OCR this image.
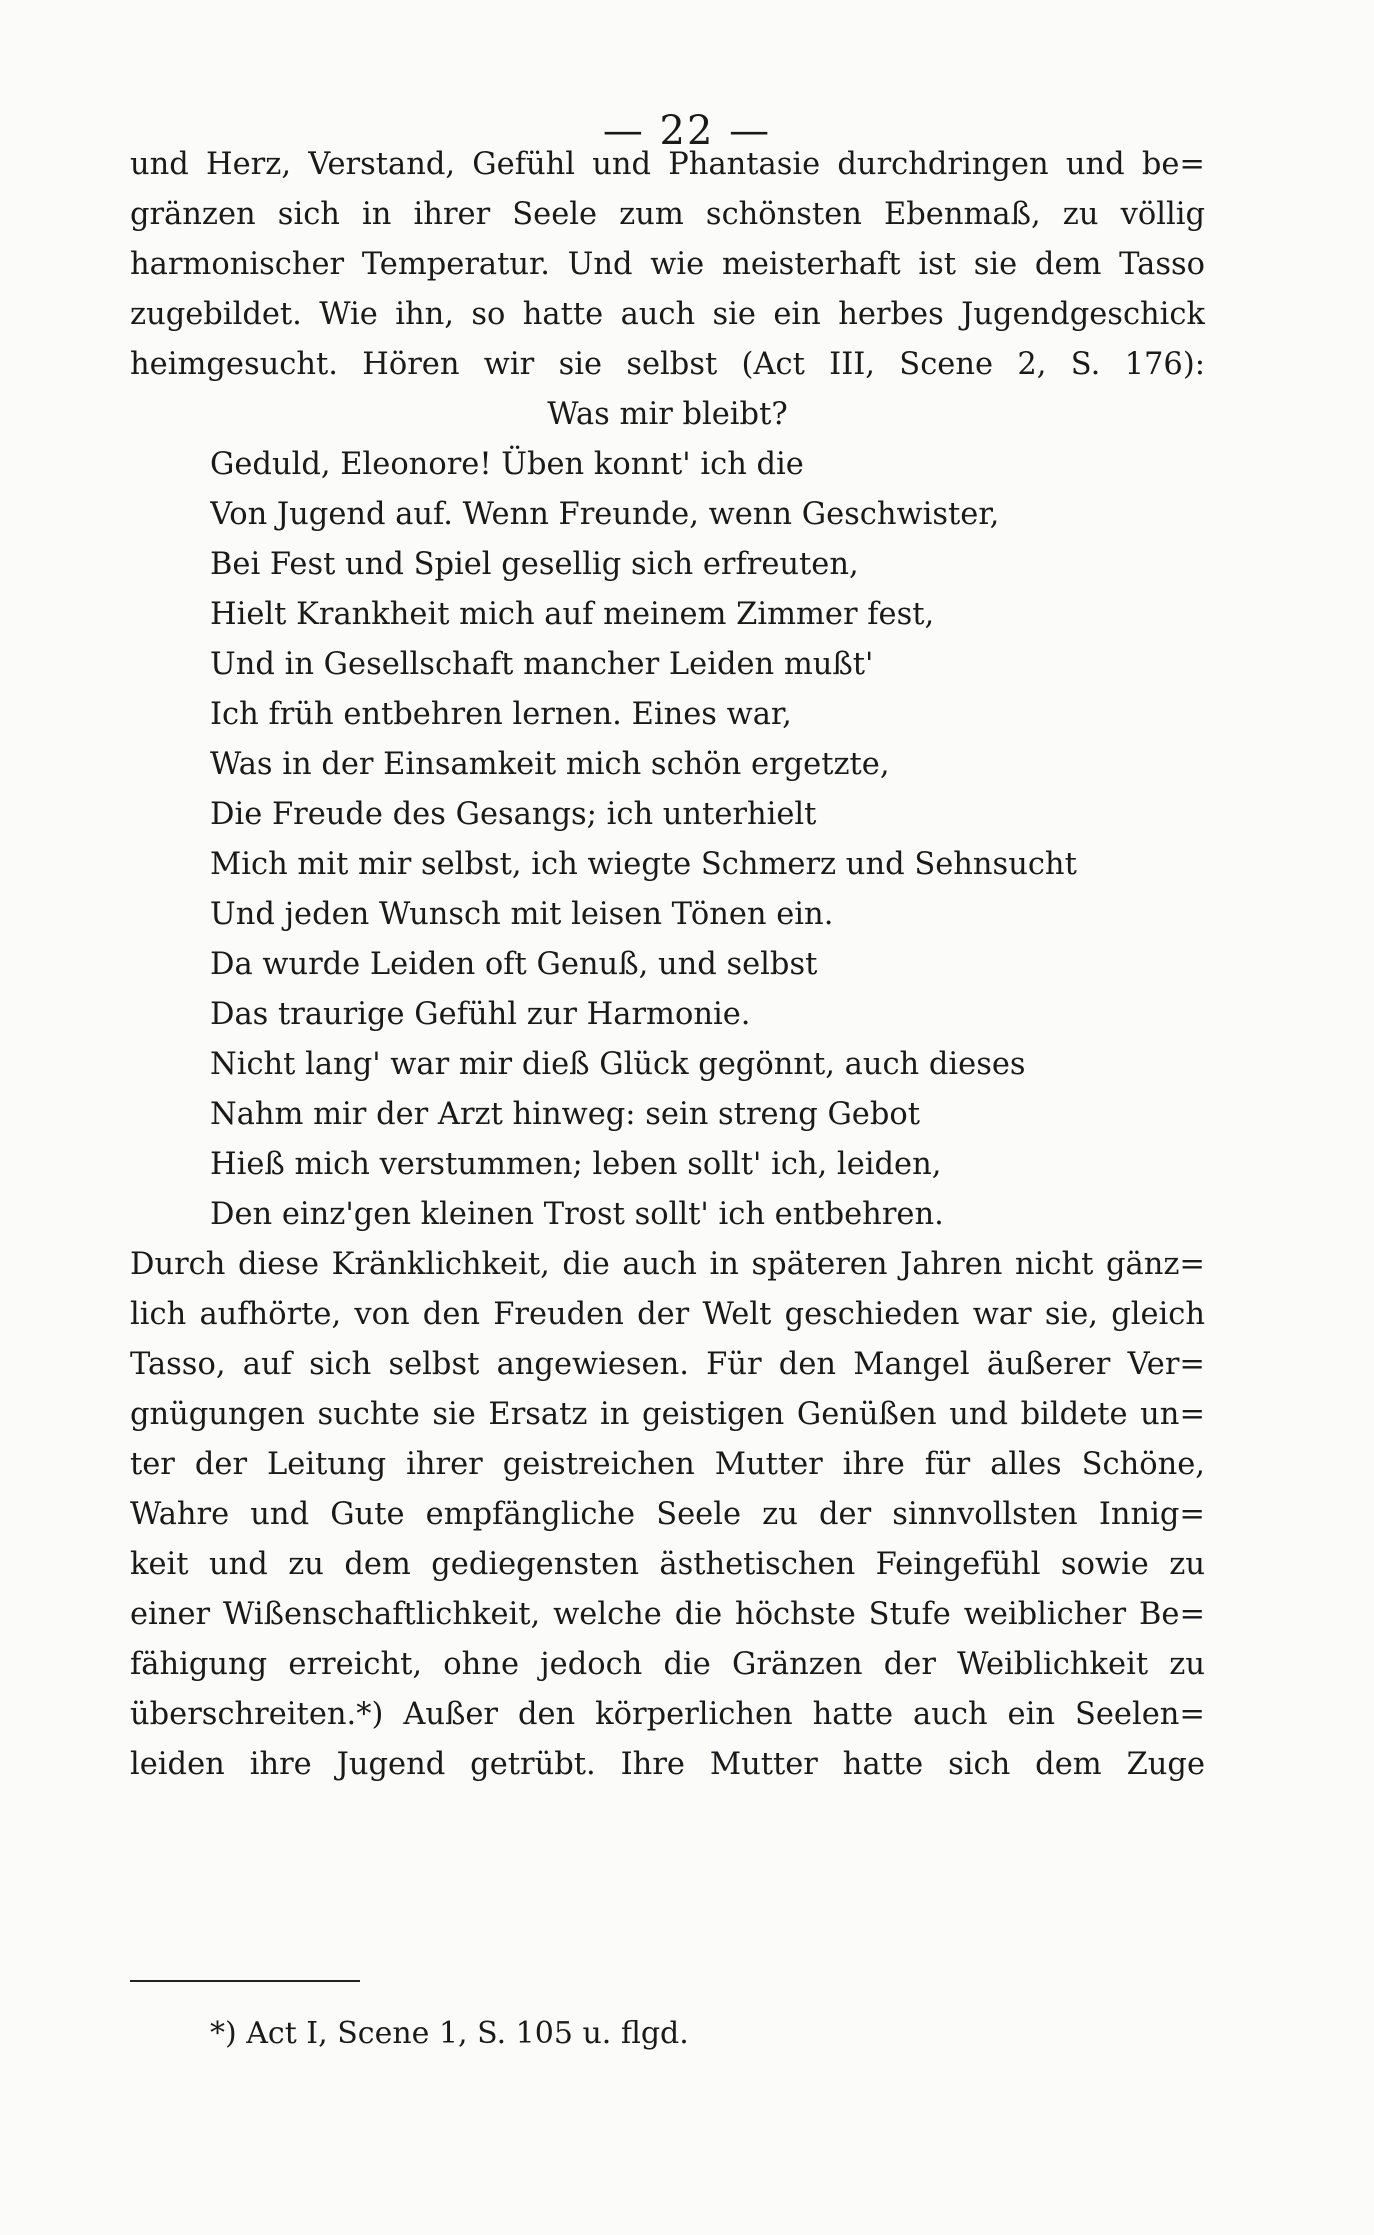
— 22 —
und Herz, Verstand, Gefühl und Phantasie durchdringen und be=
gränzen sich in ihrer Seele zum schönsten Ebenmaß, zu völlig
harmonischer Temperatur. Und wie meisterhaft ist sie dem Tasso
zugebildet. Wie ihn, so hatte auch sie ein herbes Jugendgeschick
heimgesucht. Hören wir sie selbst (Act III, Scene 2, S. 176):
Was mir bleibt?
Geduld, Eleonore! Üben konnt' ich die
Von Jugend auf. Wenn Freunde, wenn Geschwister,
Bei Fest und Spiel gesellig sich erfreuten,
Hielt Krankheit mich auf meinem Zimmer fest,
Und in Gesellschaft mancher Leiden mußt'
Ich früh entbehren lernen. Eines war,
Was in der Einsamkeit mich schön ergetzte,
Die Freude des Gesangs; ich unterhielt
Mich mit mir selbst, ich wiegte Schmerz und Sehnsucht
Und jeden Wunsch mit leisen Tönen ein.
Da wurde Leiden oft Genuß, und selbst
Das traurige Gefühl zur Harmonie.
Nicht lang' war mir dieß Glück gegönnt, auch dieses
Nahm mir der Arzt hinweg: sein streng Gebot
Hieß mich verstummen; leben sollt' ich, leiden,
Den einz'gen kleinen Trost sollt' ich entbehren.
Durch diese Kränklichkeit, die auch in späteren Jahren nicht gänz=
lich aufhörte, von den Freuden der Welt geschieden war sie, gleich
Tasso, auf sich selbst angewiesen. Für den Mangel äußerer Ver=
gnügungen suchte sie Ersatz in geistigen Genüßen und bildete un=
ter der Leitung ihrer geistreichen Mutter ihre für alles Schöne,
Wahre und Gute empfängliche Seele zu der sinnvollsten Innig=
keit und zu dem gediegensten ästhetischen Feingefühl sowie zu
einer Wißenschaftlichkeit, welche die höchste Stufe weiblicher Be=
fähigung erreicht, ohne jedoch die Gränzen der Weiblichkeit zu
überschreiten.*) Außer den körperlichen hatte auch ein Seelen=
leiden ihre Jugend getrübt. Ihre Mutter hatte sich dem Zuge
*) Act I, Scene 1, S. 105 u. flgd.
